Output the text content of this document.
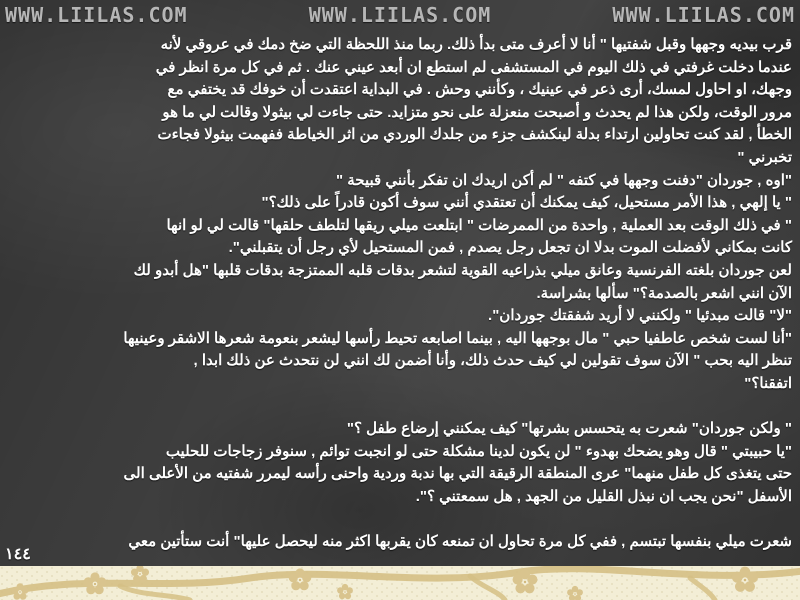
WWW.LIILAS.COM	WWW.LIILAS.COM	WWW.LIILAS.COM
قرب بيديه وجهها وقبل شفتيها " أنا لا أعرف متى بدأ ذلك. ربما منذ اللحظة التي ضخ دمك في عروقي لأنه
عندما دخلت غرفتي في ذلك اليوم في المستشفى لم استطع ان أبعد عيني عنك . ثم في كل مرة انظر في
وجهك، او احاول لمسك، أرى ذعر في عينيك ، وكأنني وحش . في البداية اعتقدت أن خوفك قد يختفي مع
مرور الوقت، ولكن هذا لم يحدث و أصبحت منعزلة على نحو متزايد. حتى جاءت لي بيثولا وقالت لي ما هو
الخطأ , لقد كنت تحاولين ارتداء بدلة لينكشف جزء من جلدك الوردي من اثر الخياطة ففهمت بيثولا فجاءت
تخبرني "
"اوه , جوردان "دفنت وجهها في كتفه " لم أكن اريدك ان تفكر بأنني قبيحة "
" يا إلهي , هذا الأمر مستحيل، كيف يمكنك أن تعتقدي أنني سوف أكون قادراً على ذلك؟"
" في ذلك الوقت بعد العملية , واحدة من الممرضات " ابتلعت ميلي ريقها لتلطف حلقها" قالت لي لو انها
كانت بمكاني لأفضلت الموت بدلا ان تجعل رجل يصدم , فمن المستحيل لأي رجل أن يتقبلني".
لعن جوردان بلغته الفرنسية وعانق ميلي بذراعيه القوية لتشعر بدقات قلبه الممتزجة بدقات قلبها "هل أبدو لك
الآن انني اشعر بالصدمة؟" سألها بشراسة.
"لا" قالت مبدئيا " ولكنني لا أريد شفقتك جوردان".
"أنا لست شخص عاطفيا حبي " مال بوجهها اليه , بينما اصابعه تحيط رأسها ليشعر بنعومة شعرها الاشقر وعينيها
تنظر اليه بحب " الآن سوف تقولين لي كيف حدث ذلك، وأنا أضمن لك انني لن نتحدث عن ذلك ابدا ,
اتفقنا؟"
" ولكن جوردان" شعرت به يتحسس بشرتها" كيف يمكنني إرضاع طفل ؟"
"يا حبيبتي " قال وهو يضحك بهدوء " لن يكون لدينا مشكلة حتى لو انجبت توائم , سنوفر زجاجات للحليب
حتى يتغذى كل طفل منهما" عرى المنطقة الرقيقة التي بها ندبة وردية واحنى رأسه ليمرر شفتيه من الأعلى الى
الأسفل "نحن يجب ان نبذل القليل من الجهد , هل سمعتني ؟".
شعرت ميلي بنفسها تبتسم , ففي كل مرة تحاول ان تمنعه كان يقربها اكثر منه ليحصل عليها" أنت ستأتين معي
١٤٤
